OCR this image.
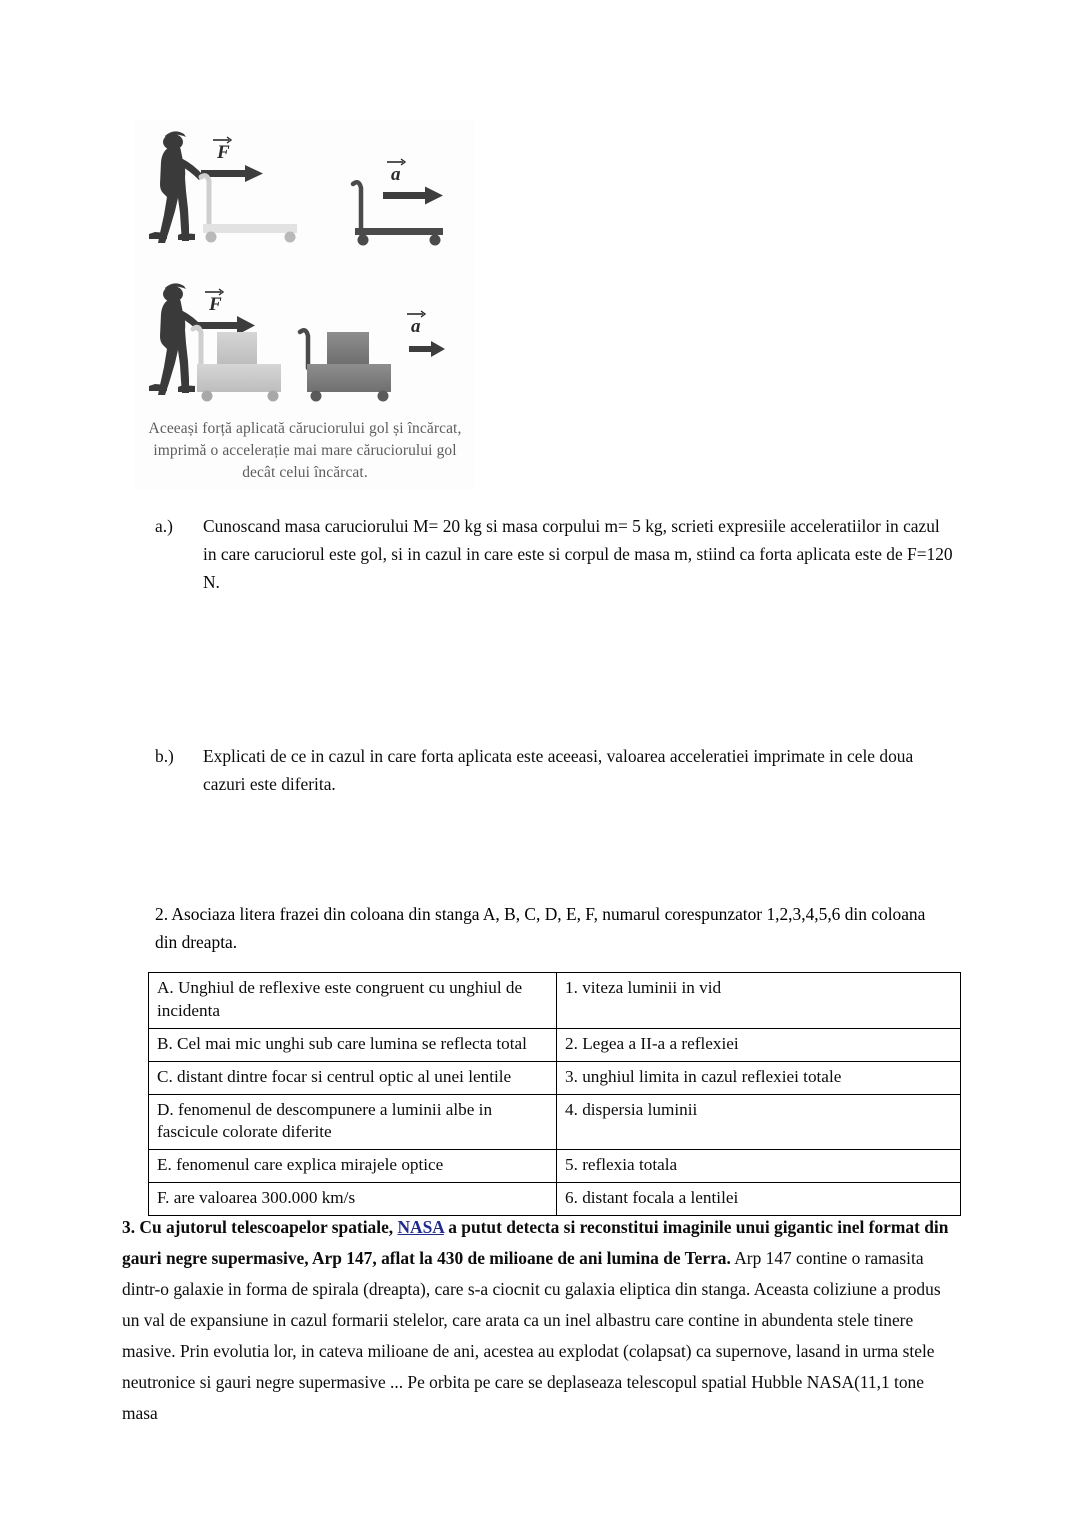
F
a
F
a
Aceeași forță aplicată căruciorului gol și încărcat, imprimă o accelerație mai mare căruciorului gol decât celui încărcat.
a.)	Cunoscand masa caruciorului M= 20 kg si masa corpului m= 5 kg, scrieti expresiile acceleratiilor in cazul in care caruciorul este gol, si in cazul in care este si corpul de masa m, stiind ca forta aplicata este de F=120 N.
b.)	Explicati de ce in cazul in care forta aplicata este aceeasi, valoarea acceleratiei imprimate in cele doua cazuri este diferita.
2. Asociaza litera frazei din coloana din stanga A, B, C, D, E, F, numarul corespunzator 1,2,3,4,5,6 din coloana din dreapta.
A. Unghiul de reflexive este congruent cu unghiul de incidenta	1. viteza luminii in vid
B. Cel mai mic unghi sub care lumina se reflecta total	2. Legea a II-a a reflexiei
C. distant dintre focar si centrul optic al unei lentile	3. unghiul limita in cazul reflexiei totale
D. fenomenul de descompunere a luminii albe in fascicule colorate diferite	4. dispersia luminii
E. fenomenul care explica mirajele optice	5. reflexia totala
F. are valoarea 300.000 km/s	6. distant focala a lentilei
3. Cu ajutorul telescoapelor spatiale, NASA a putut detecta si reconstitui imaginile unui gigantic inel format din gauri negre supermasive, Arp 147, aflat la 430 de milioane de ani lumina de Terra. Arp 147 contine o ramasita dintr-o galaxie in forma de spirala (dreapta), care s-a ciocnit cu galaxia eliptica din stanga. Aceasta coliziune a produs un val de expansiune in cazul formarii stelelor, care arata ca un inel albastru care contine in abundenta stele tinere masive. Prin evolutia lor, in cateva milioane de ani, acestea au explodat (colapsat) ca supernove, lasand in urma stele neutronice si gauri negre supermasive ... Pe orbita pe care se deplaseaza telescopul spatial Hubble NASA(11,1 tone masa
